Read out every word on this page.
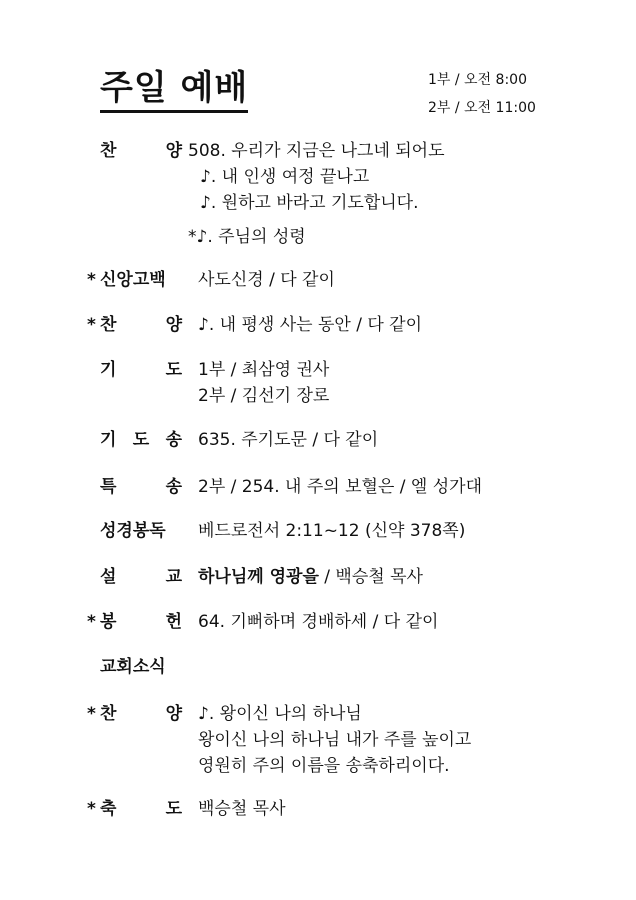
주일 예배	1부 / 오전 8:00
2부 / 오전 11:00
찬	양 508. 우리가 지금은 나그네 되어도
♪. 내 인생 여정 끝나고
♪. 원하고 바라고 기도합니다.
*♪. 주님의 성령
* 신앙고백 사도신경 / 다 같이
* 찬	양 ♪. 내 평생 사는 동안 / 다 같이
기	도 1부 / 최삼영 권사
2부 / 김선기 장로
기 도 송 635. 주기도문 / 다 같이
특	송 2부 / 254. 내 주의 보혈은 / 엘 성가대
성경봉독 베드로전서 2:11~12 (신약 378쪽)
설	교 하나님께 영광을 / 백승철 목사
* 봉	헌 64. 기뻐하며 경배하세 / 다 같이
교회소식
* 찬	양 ♪. 왕이신 나의 하나님
왕이신 나의 하나님 내가 주를 높이고
영원히 주의 이름을 송축하리이다.
* 축	도 백승철 목사
